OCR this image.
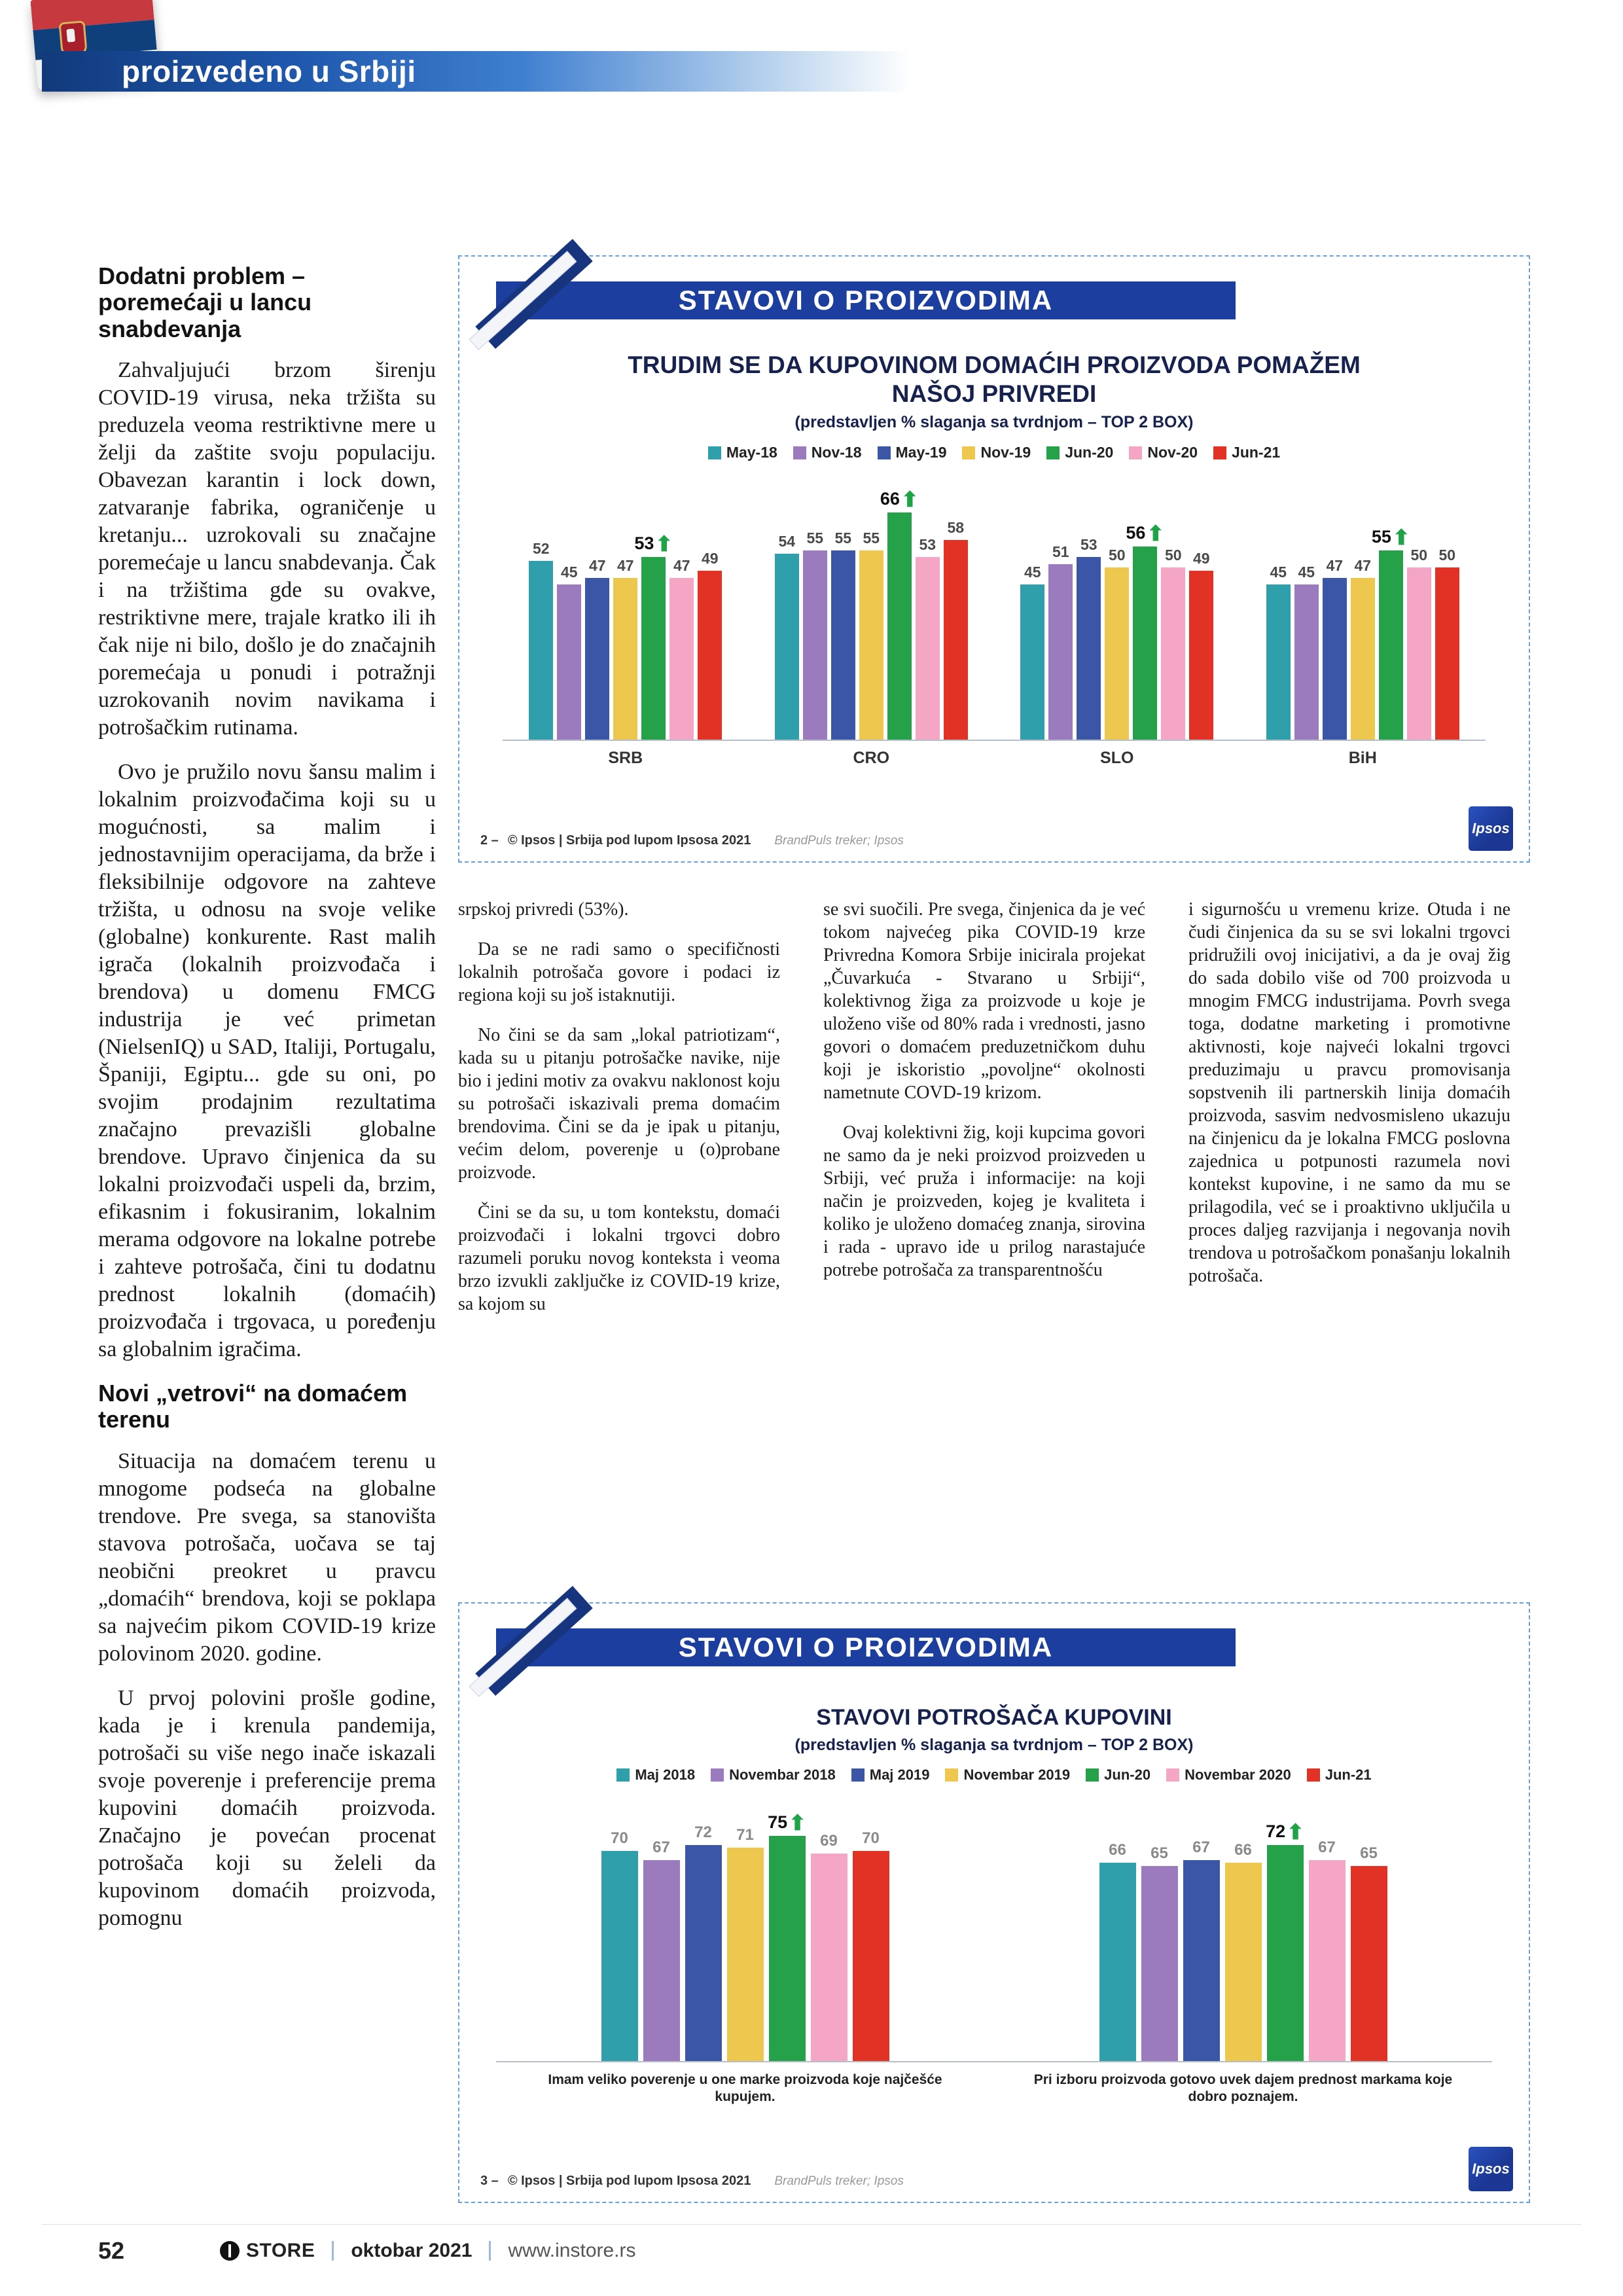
proizvedeno u Srbiji
Dodatni problem – poremećaji u lancu snabdevanja

Zahvaljujući brzom širenju COVID-19 virusa, neka tržišta su preduzela veoma restriktivne mere u želji da zaštite svoju populaciju. Obavezan karantin i lock down, zatvaranje fabrika, ograničenje u kretanju... uzrokovali su značajne poremećaje u lancu snabdevanja. Čak i na tržištima gde su ovakve, restriktivne mere, trajale kratko ili ih čak nije ni bilo, došlo je do značajnih poremećaja u ponudi i potražnji uzrokovanih novim navikama i potrošačkim rutinama.

Ovo je pružilo novu šansu malim i lokalnim proizvođačima koji su u mogućnosti, sa malim i jednostavnijim operacijama, da brže i fleksibilnije odgovore na zahteve tržišta, u odnosu na svoje velike (globalne) konkurente. Rast malih igrača (lokalnih proizvođača i brendova) u domenu FMCG industrija je već primetan (NielsenIQ) u SAD, Italiji, Portugalu, Španiji, Egiptu... gde su oni, po svojim prodajnim rezultatima značajno prevazišli globalne brendove. Upravo činjenica da su lokalni proizvođači uspeli da, brzim, efikasnim i fokusiranim, lokalnim merama odgovore na lokalne potrebe i zahteve potrošača, čini tu dodatnu prednost lokalnih (domaćih) proizvođača i trgovaca, u poređenju sa globalnim igračima.

Novi „vetrovi“ na domaćem terenu

Situacija na domaćem terenu u mnogome podseća na globalne trendove. Pre svega, sa stanovišta stavova potrošača, uočava se taj neobični preokret u pravcu „domaćih“ brendova, koji se poklapa sa najvećim pikom COVID-19 krize polovinom 2020. godine.

U prvoj polovini prošle godine, kada je i krenula pandemija, potrošači su više nego inače iskazali svoje poverenje i preferencije prema kupovini domaćih proizvoda. Značajno je povećan procenat potrošača koji su želeli da kupovinom domaćih proizvoda, pomognu

STAVOVI O PROIZVODIMA
TRUDIM SE DA KUPOVINOM DOMAĆIH PROIZVODA POMAŽEM NAŠOJ PRIVREDI
(predstavljen % slaganja sa tvrdnjom – TOP 2 BOX)
May-18 Nov-18 May-19 Nov-19 Jun-20 Nov-20 Jun-21
52
45 47 47
53 ⬆
47 49
54 55 55 55
66 ⬆
53
58
45
51 53
50
56 ⬆
50 49
45 45 47 47
55 ⬆
50 50
SRB	CRO	SLO	BiH
2 – © Ipsos | Srbija pod lupom Ipsosa 2021 BrandPuls treker; Ipsos
Ipsos

srpskoj privredi (53%).

Da se ne radi samo o specifičnosti lokalnih potrošača govore i podaci iz regiona koji su još istaknutiji.

No čini se da sam „lokal patriotizam“, kada su u pitanju potrošačke navike, nije bio i jedini motiv za ovakvu naklonost koju su potrošači iskazivali prema domaćim brendovima. Čini se da je ipak u pitanju, većim delom, poverenje u (o)probane proizvode.

Čini se da su, u tom kontekstu, domaći proizvođači i lokalni trgovci dobro razumeli poruku novog konteksta i veoma brzo izvukli zaključke iz COVID-19 krize, sa kojom su

se svi suočili. Pre svega, činjenica da je već tokom najvećeg pika COVID-19 krze Privredna Komora Srbije inicirala projekat „Čuvarkuća - Stvarano u Srbiji“, kolektivnog žiga za proizvode u koje je uloženo više od 80% rada i vrednosti, jasno govori o domaćem preduzetničkom duhu koji je iskoristio „povoljne“ okolnosti nametnute COVD-19 krizom.

Ovaj kolektivni žig, koji kupcima govori ne samo da je neki proizvod proizveden u Srbiji, već pruža i informacije: na koji način je proizveden, kojeg je kvaliteta i koliko je uloženo domaćeg znanja, sirovina i rada - upravo ide u prilog narastajuće potrebe potrošača za transparentnošću

i sigurnošću u vremenu krize. Otuda i ne čudi činjenica da su se svi lokalni trgovci pridružili ovoj inicijativi, a da je ovaj žig do sada dobilo više od 700 proizvoda u mnogim FMCG industrijama. Povrh svega toga, dodatne marketing i promotivne aktivnosti, koje najveći lokalni trgovci preduzimaju u pravcu promovisanja sopstvenih ili partnerskih linija domaćih proizvoda, sasvim nedvosmisleno ukazuju na činjenicu da je lokalna FMCG poslovna zajednica u potpunosti razumela novi kontekst kupovine, i ne samo da mu se prilagodila, već se i proaktivno uključila u proces daljeg razvijanja i negovanja novih trendova u potrošačkom ponašanju lokalnih potrošača.

STAVOVI O PROIZVODIMA
STAVOVI POTROŠAČA KUPOVINI
(predstavljen % slaganja sa tvrdnjom – TOP 2 BOX)
Maj 2018 Novembar 2018 Maj 2019 Novembar 2019 Jun-20 Novembar 2020 Jun-21
70
67
72 71
75 ⬆
69 70
66 65 67 66
72 ⬆
67 65
Imam veliko poverenje u one marke proizvoda koje najčešće kupujem.
Pri izboru proizvoda gotovo uvek dajem prednost markama koje dobro poznajem.
3 – © Ipsos | Srbija pod lupom Ipsosa 2021 BrandPuls treker; Ipsos
Ipsos
52	STORE oktobar 2021 www.instore.rs
